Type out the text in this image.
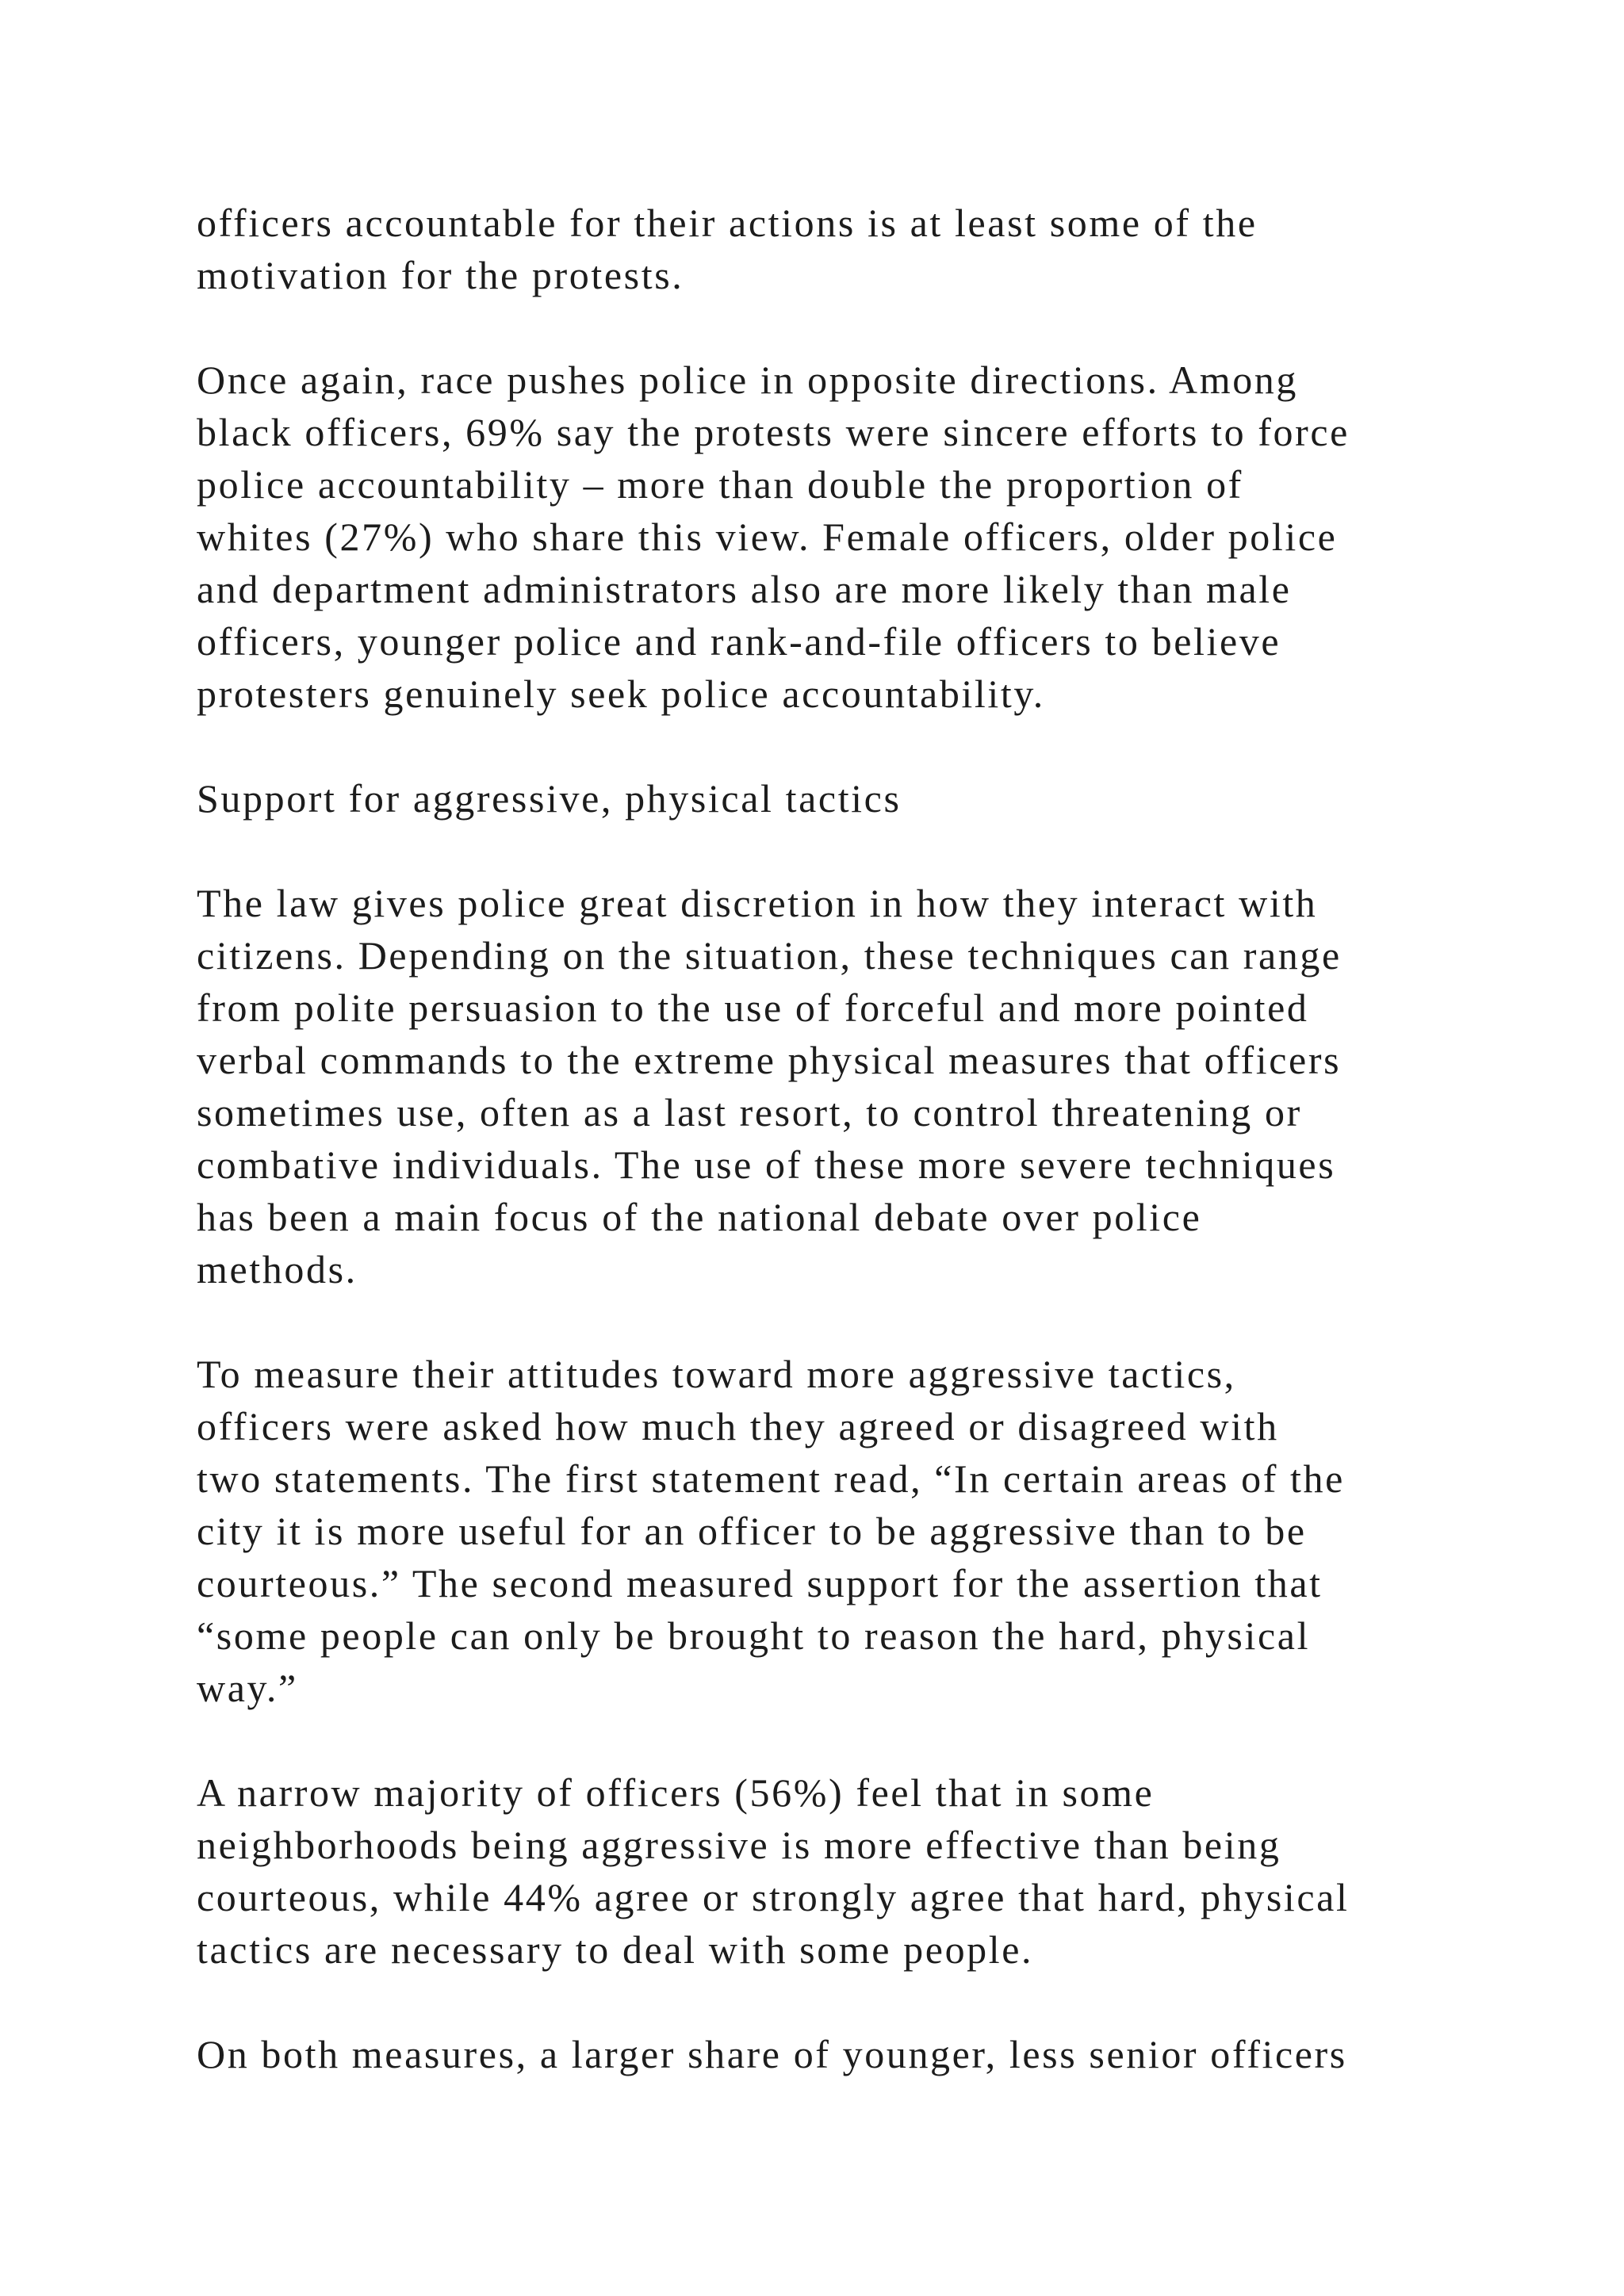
officers accountable for their actions is at least some of the
motivation for the protests.

Once again, race pushes police in opposite directions. Among
black officers, 69% say the protests were sincere efforts to force
police accountability – more than double the proportion of
whites (27%) who share this view. Female officers, older police
and department administrators also are more likely than male
officers, younger police and rank-and-file officers to believe
protesters genuinely seek police accountability.

Support for aggressive, physical tactics

The law gives police great discretion in how they interact with
citizens. Depending on the situation, these techniques can range
from polite persuasion to the use of forceful and more pointed
verbal commands to the extreme physical measures that officers
sometimes use, often as a last resort, to control threatening or
combative individuals. The use of these more severe techniques
has been a main focus of the national debate over police
methods.

To measure their attitudes toward more aggressive tactics,
officers were asked how much they agreed or disagreed with
two statements. The first statement read, “In certain areas of the
city it is more useful for an officer to be aggressive than to be
courteous.” The second measured support for the assertion that
“some people can only be brought to reason the hard, physical
way.”

A narrow majority of officers (56%) feel that in some
neighborhoods being aggressive is more effective than being
courteous, while 44% agree or strongly agree that hard, physical
tactics are necessary to deal with some people.

On both measures, a larger share of younger, less senior officers
